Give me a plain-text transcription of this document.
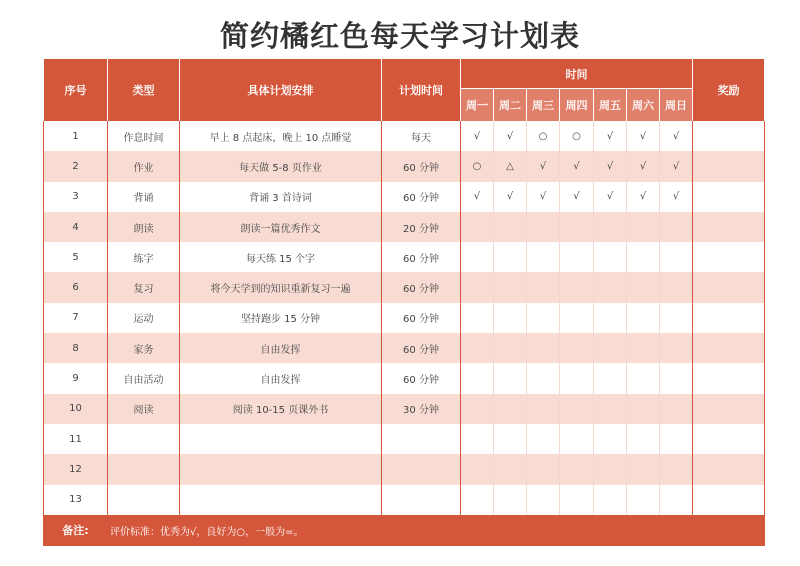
简约橘红色每天学习计划表
序号	类型	具体计划安排	计划时间	时间							奖励
				周一	周二	周三	周四	周五	周六	周日	
1	作息时间	早上 8 点起床，晚上 10 点睡觉	每天	√	√	○	○	√	√	√	
2	作业	每天做 5-8 页作业	60 分钟	○	△	√	√	√	√	√	
3	背诵	背诵 3 首诗词	60 分钟	√	√	√	√	√	√	√	
4	朗读	朗读一篇优秀作文	20 分钟								
5	练字	每天练 15 个字	60 分钟								
6	复习	将今天学到的知识重新复习一遍	60 分钟								
7	运动	坚持跑步 15 分钟	60 分钟								
8	家务	自由发挥	60 分钟								
9	自由活动	自由发挥	60 分钟								
10	阅读	阅读 10-15 页课外书	30 分钟								
11											
12											
13											
备注:	评价标准：优秀为√，良好为○，一般为=。										
